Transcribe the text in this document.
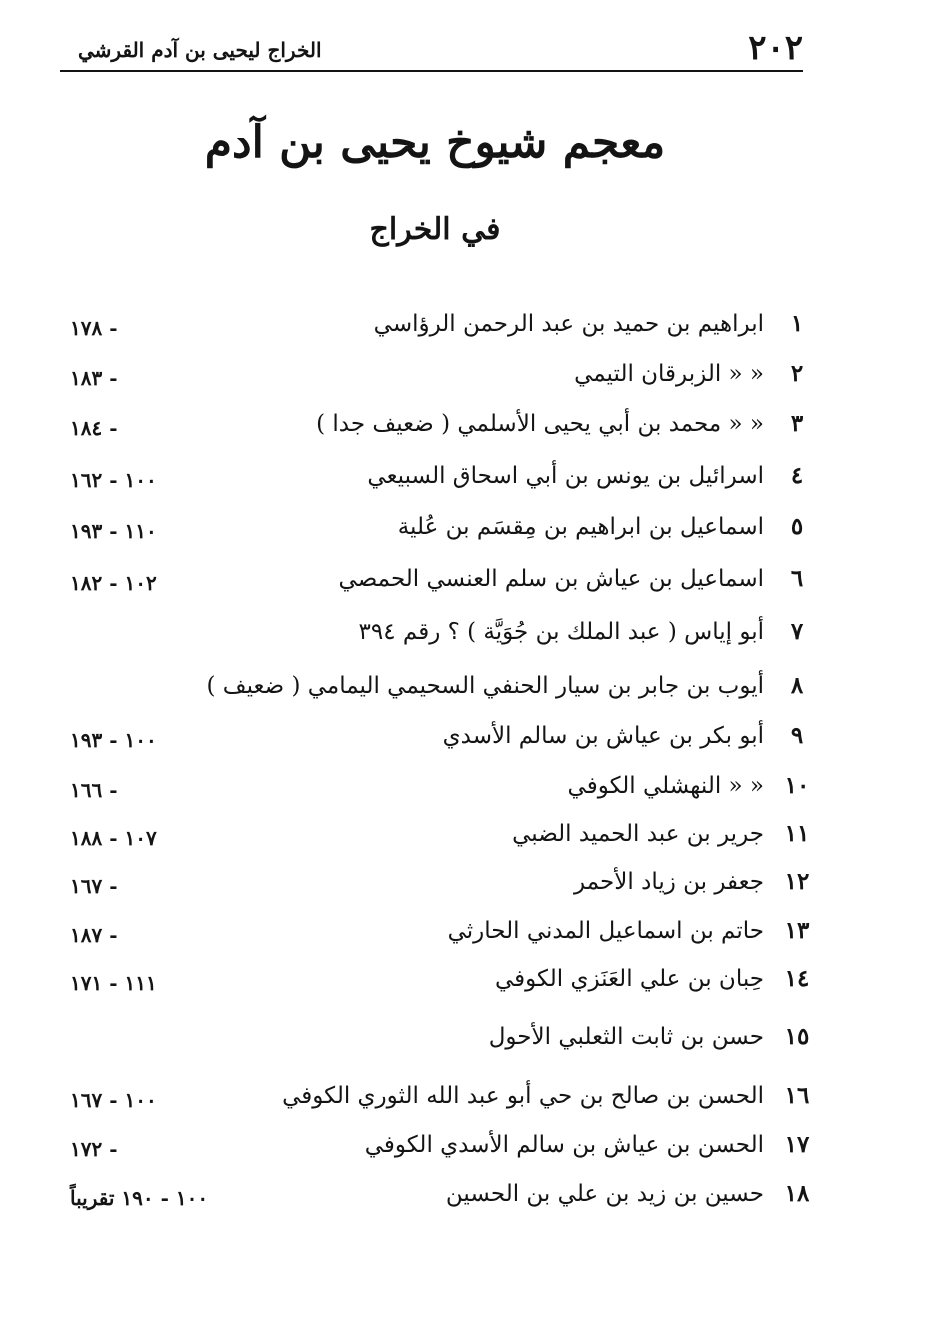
٢٠٢
الخراج ليحيى بن آدم القرشي
معجم شيوخ يحيى بن آدم
في الخراج
١
ابراهيم بن حميد بن عبد الرحمن الرؤاسي
- ١٧٨
٢
« « الزبرقان التيمي
- ١٨٣
٣
« « محمد بن أبي يحيى الأسلمي ( ضعيف جدا )
- ١٨٤
٤
اسرائيل بن يونس بن أبي اسحاق السبيعي
١٠٠ - ١٦٢
٥
اسماعيل بن ابراهيم بن مِقسَم بن عُلية
١١٠ - ١٩٣
٦
اسماعيل بن عياش بن سلم العنسي الحمصي
١٠٢ - ١٨٢
٧
أبو إياس ( عبد الملك بن جُوَيَّة ) ؟ رقم ٣٩٤
٨
أيوب بن جابر بن سيار الحنفي السحيمي اليمامي ( ضعيف )
٩
أبو بكر بن عياش بن سالم الأسدي
١٠٠ - ١٩٣
١٠
« « النهشلي الكوفي
- ١٦٦
١١
جرير بن عبد الحميد الضبي
١٠٧ - ١٨٨
١٢
جعفر بن زياد الأحمر
- ١٦٧
١٣
حاتم بن اسماعيل المدني الحارثي
- ١٨٧
١٤
حِبان بن علي العَنَزي الكوفي
١١١ - ١٧١
١٥
حسن بن ثابت الثعلبي الأحول
١٦
الحسن بن صالح بن حي أبو عبد الله الثوري الكوفي
١٠٠ - ١٦٧
١٧
الحسن بن عياش بن سالم الأسدي الكوفي
- ١٧٢
١٨
حسين بن زيد بن علي بن الحسين
١٠٠ - ١٩٠ تقريباً
